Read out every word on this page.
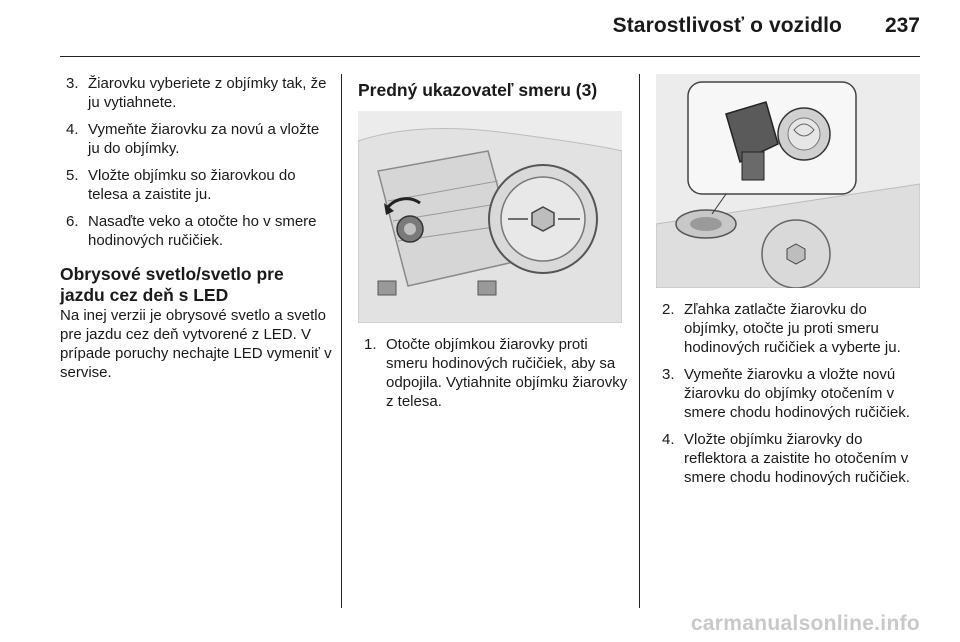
Starostlivosť o vozidlo 237
3. Žiarovku vyberiete z objímky tak, že ju vytiahnete.
4. Vymeňte žiarovku za novú a vložte ju do objímky.
5. Vložte objímku so žiarovkou do telesa a zaistite ju.
6. Nasaďte veko a otočte ho v smere hodinových ručičiek.
Obrysové svetlo/svetlo pre jazdu cez deň s LED

Na inej verzii je obrysové svetlo a svetlo pre jazdu cez deň vytvorené z LED. V prípade poruchy nechajte LED vymeniť v servise.

Predný ukazovateľ smeru (3)
1. Otočte objímkou žiarovky proti smeru hodinových ručičiek, aby sa odpojila. Vytiahnite objímku žiarovky z telesa.
2. Zľahka zatlačte žiarovku do objímky, otočte ju proti smeru hodinových ručičiek a vyberte ju.
3. Vymeňte žiarovku a vložte novú žiarovku do objímky otočením v smere chodu hodinových ručičiek.
4. Vložte objímku žiarovky do reflektora a zaistite ho otočením v smere chodu hodinových ručičiek.
carmanualsonline.info
